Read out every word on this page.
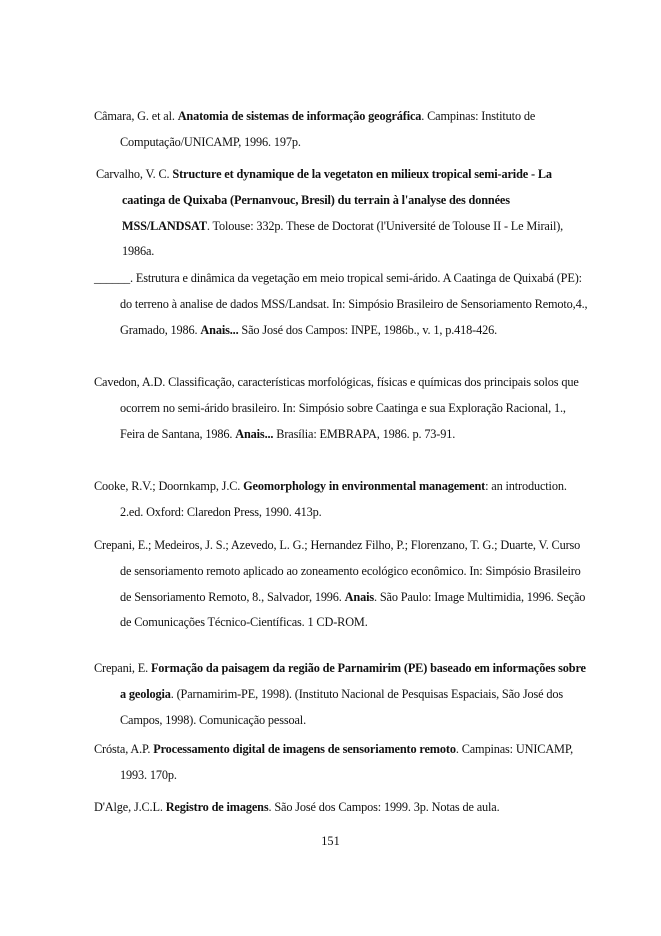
Câmara, G. et al. Anatomia de sistemas de informação geográfica. Campinas: Instituto de Computação/UNICAMP, 1996. 197p.

Carvalho, V. C. Structure et dynamique de la vegetaton en milieux tropical semi-aride - La caatinga de Quixaba (Pernanvouc, Bresil) du terrain à l'analyse des données MSS/LANDSAT. Tolouse: 332p. These de Doctorat (l'Université de Tolouse II - Le Mirail), 1986a.

______. Estrutura e dinâmica da vegetação em meio tropical semi-árido. A Caatinga de Quixabá (PE): do terreno à analise de dados MSS/Landsat. In: Simpósio Brasileiro de Sensoriamento Remoto,4., Gramado, 1986. Anais... São José dos Campos: INPE, 1986b., v. 1, p.418-426.

Cavedon, A.D. Classificação, características morfológicas, físicas e químicas dos principais solos que ocorrem no semi-árido brasileiro. In: Simpósio sobre Caatinga e sua Exploração Racional, 1., Feira de Santana, 1986. Anais... Brasília: EMBRAPA, 1986. p. 73-91.

Cooke, R.V.; Doornkamp, J.C. Geomorphology in environmental management: an introduction. 2.ed. Oxford: Claredon Press, 1990. 413p.

Crepani, E.; Medeiros, J. S.; Azevedo, L. G.; Hernandez Filho, P.; Florenzano, T. G.; Duarte, V. Curso de sensoriamento remoto aplicado ao zoneamento ecológico econômico. In: Simpósio Brasileiro de Sensoriamento Remoto, 8., Salvador, 1996. Anais. São Paulo: Image Multimidia, 1996. Seção de Comunicações Técnico-Científicas. 1 CD-ROM.

Crepani, E. Formação da paisagem da região de Parnamirim (PE) baseado em informações sobre a geologia. (Parnamirim-PE, 1998). (Instituto Nacional de Pesquisas Espaciais, São José dos Campos, 1998). Comunicação pessoal.

Crósta, A.P. Processamento digital de imagens de sensoriamento remoto. Campinas: UNICAMP, 1993. 170p.

D'Alge, J.C.L. Registro de imagens. São José dos Campos: 1999. 3p. Notas de aula.

151
